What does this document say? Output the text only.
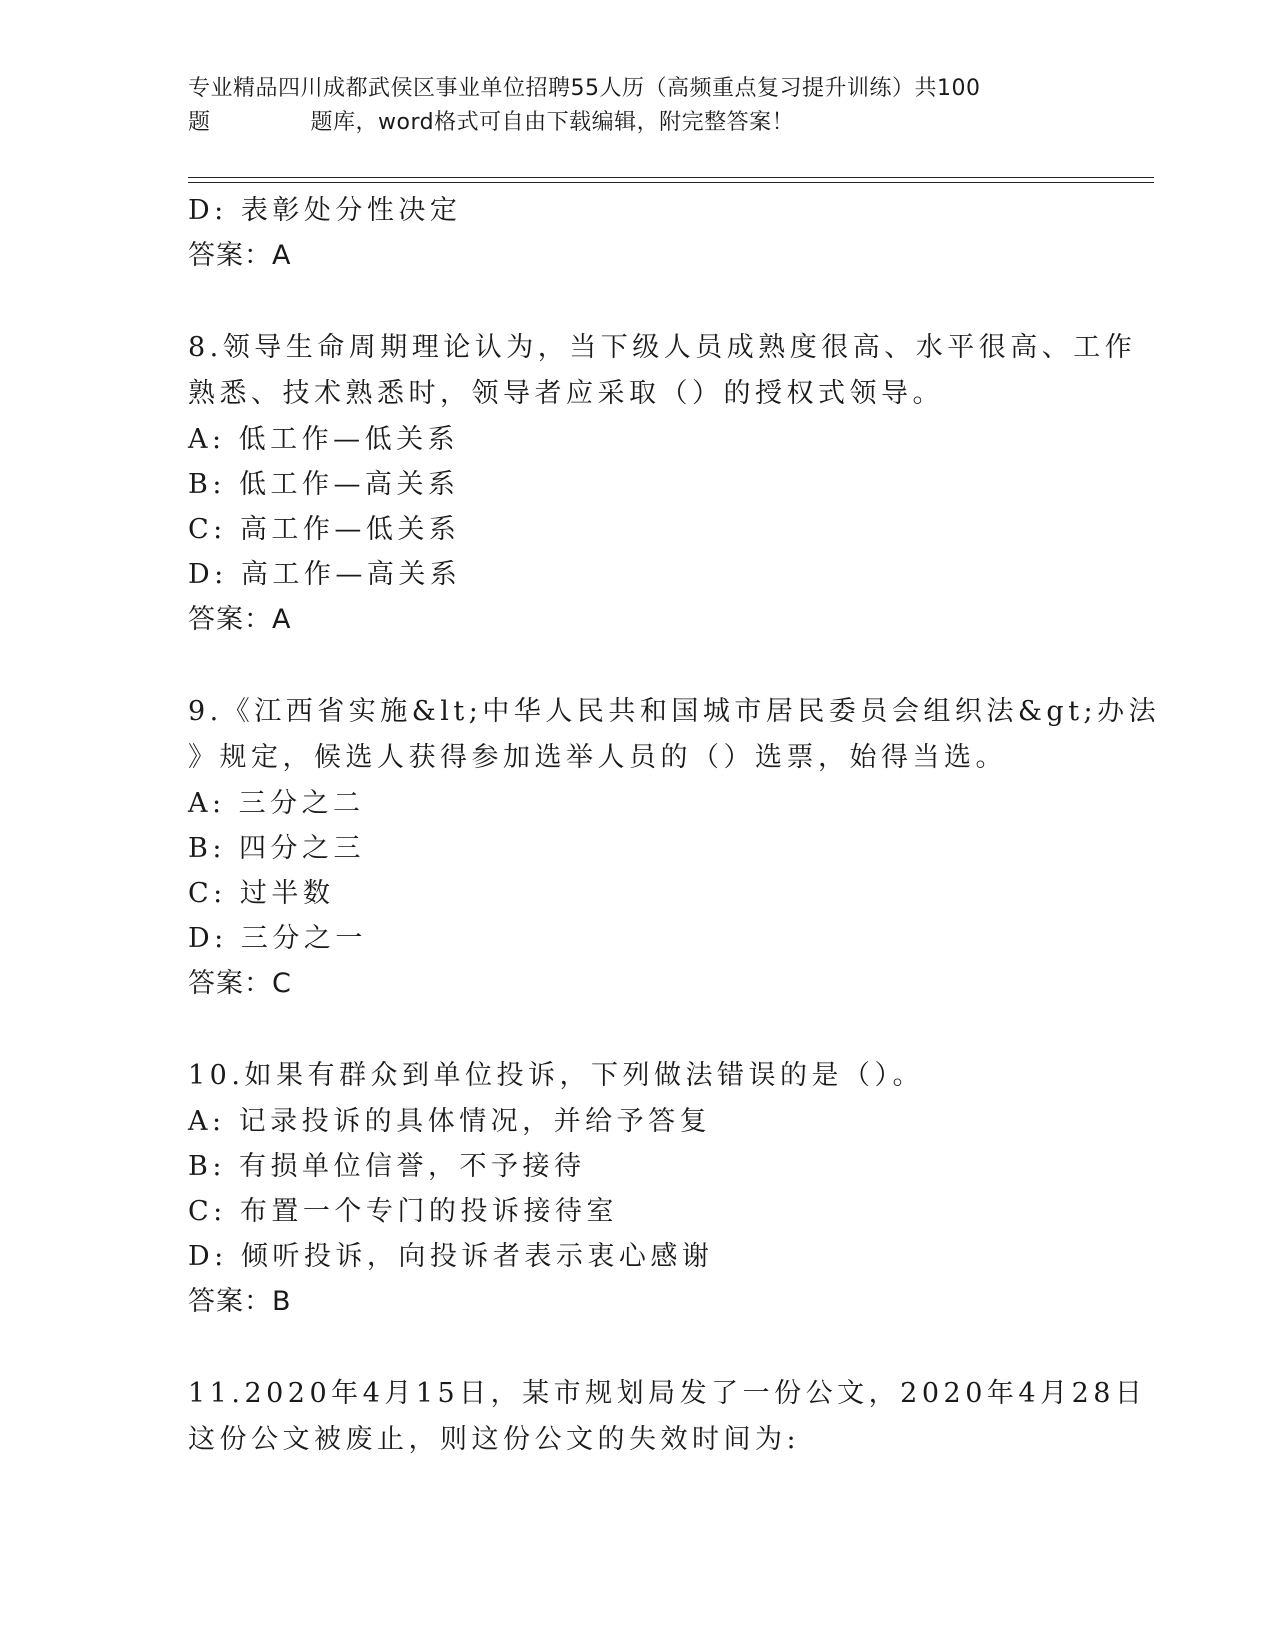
专业精品四川成都武侯区事业单位招聘55人历（高频重点复习提升训练）共100
题	题库，word格式可自由下载编辑，附完整答案！
D: 表彰处分性决定
答案：A
8.领导生命周期理论认为，当下级人员成熟度很高、水平很高、工作
熟悉、技术熟悉时，领导者应采取（）的授权式领导。
A: 低工作—低关系
B: 低工作—高关系
C: 高工作—低关系
D: 高工作—高关系
答案：A
9.《江西省实施&lt;中华人民共和国城市居民委员会组织法&gt;办法
》规定，候选人获得参加选举人员的（）选票，始得当选。
A: 三分之二
B: 四分之三
C: 过半数
D: 三分之一
答案：C
10.如果有群众到单位投诉，下列做法错误的是（）。
A: 记录投诉的具体情况，并给予答复
B: 有损单位信誉，不予接待
C: 布置一个专门的投诉接待室
D: 倾听投诉，向投诉者表示衷心感谢
答案：B
11.2020年4月15日，某市规划局发了一份公文，2020年4月28日
这份公文被废止，则这份公文的失效时间为:
